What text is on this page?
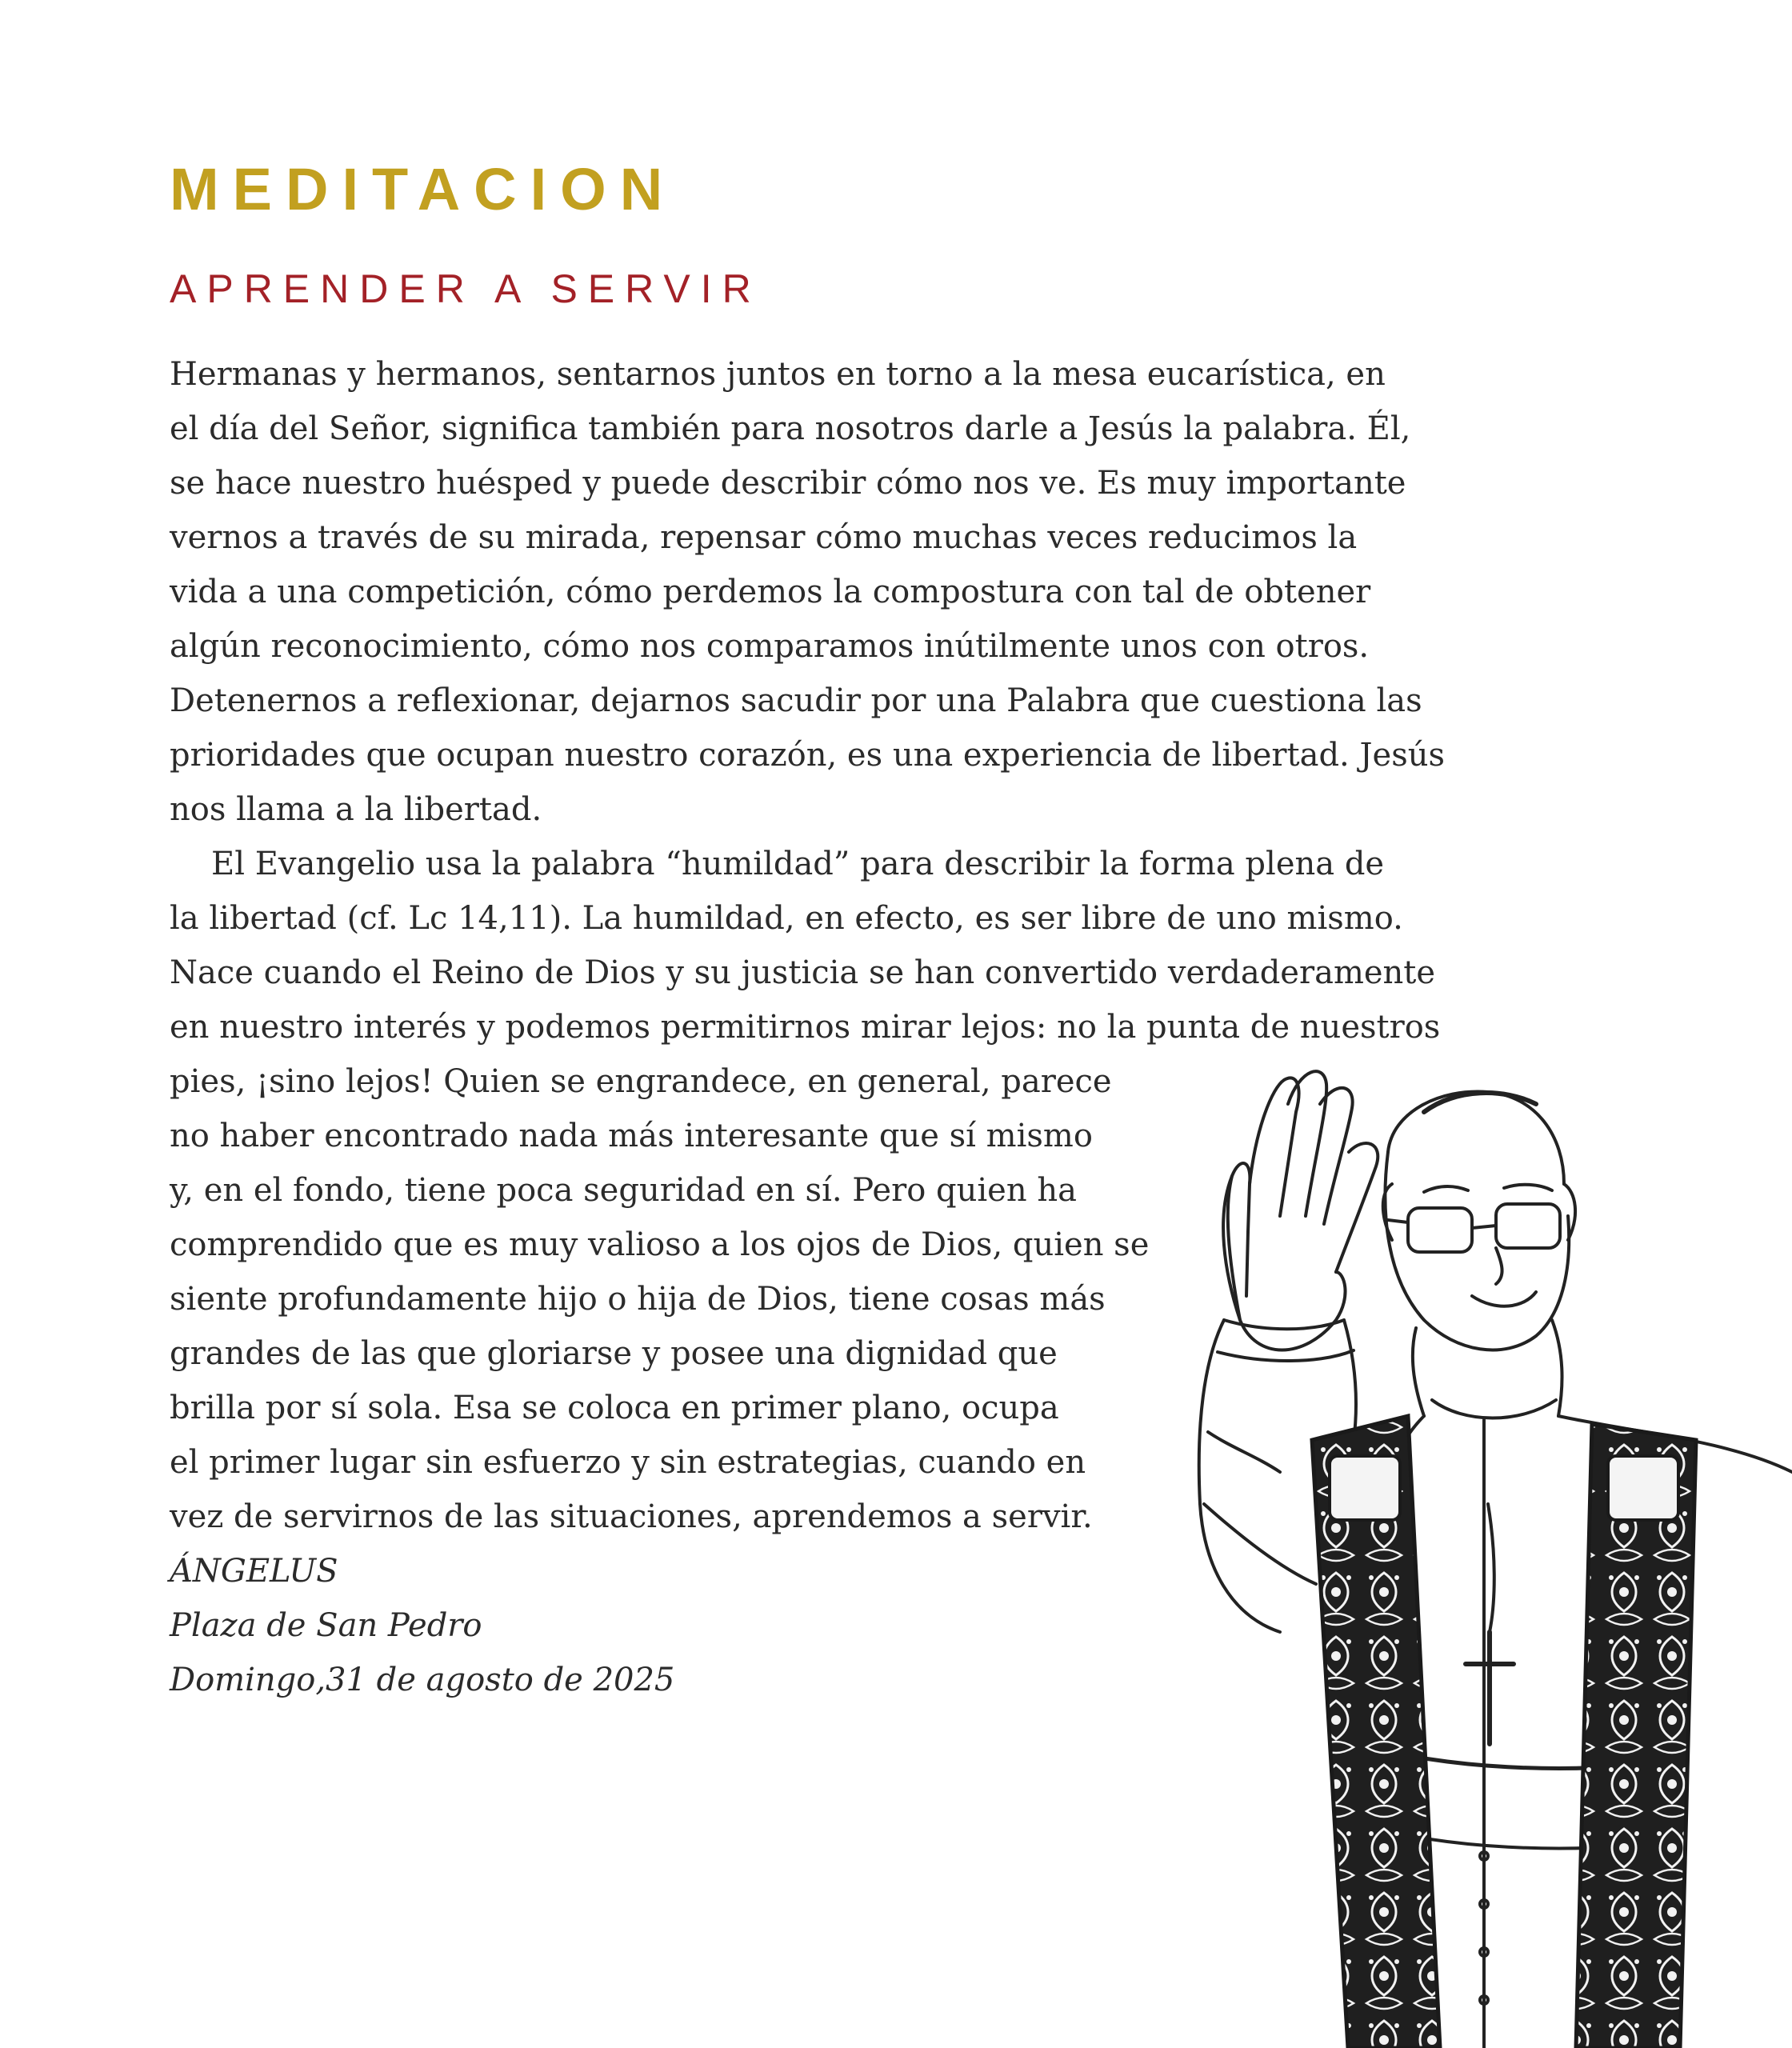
MEDITACION
APRENDER A SERVIR
Hermanas y hermanos, sentarnos juntos en torno a la mesa eucarística, en
el día del Señor, significa también para nosotros darle a Jesús la palabra. Él,
se hace nuestro huésped y puede describir cómo nos ve. Es muy importante
vernos a través de su mirada, repensar cómo muchas veces reducimos la
vida a una competición, cómo perdemos la compostura con tal de obtener
algún reconocimiento, cómo nos comparamos inútilmente unos con otros.
Detenernos a reflexionar, dejarnos sacudir por una Palabra que cuestiona las
prioridades que ocupan nuestro corazón, es una experiencia de libertad. Jesús
nos llama a la libertad.
El Evangelio usa la palabra “humildad” para describir la forma plena de
la libertad (cf. Lc 14,11). La humildad, en efecto, es ser libre de uno mismo.
Nace cuando el Reino de Dios y su justicia se han convertido verdaderamente
en nuestro interés y podemos permitirnos mirar lejos: no la punta de nuestros
pies, ¡sino lejos! Quien se engrandece, en general, parece
no haber encontrado nada más interesante que sí mismo
y, en el fondo, tiene poca seguridad en sí. Pero quien ha
comprendido que es muy valioso a los ojos de Dios, quien se
siente profundamente hijo o hija de Dios, tiene cosas más
grandes de las que gloriarse y posee una dignidad que
brilla por sí sola. Esa se coloca en primer plano, ocupa
el primer lugar sin esfuerzo y sin estrategias, cuando en
vez de servirnos de las situaciones, aprendemos a servir.
ÁNGELUS
Plaza de San Pedro
Domingo,31 de agosto de 2025
